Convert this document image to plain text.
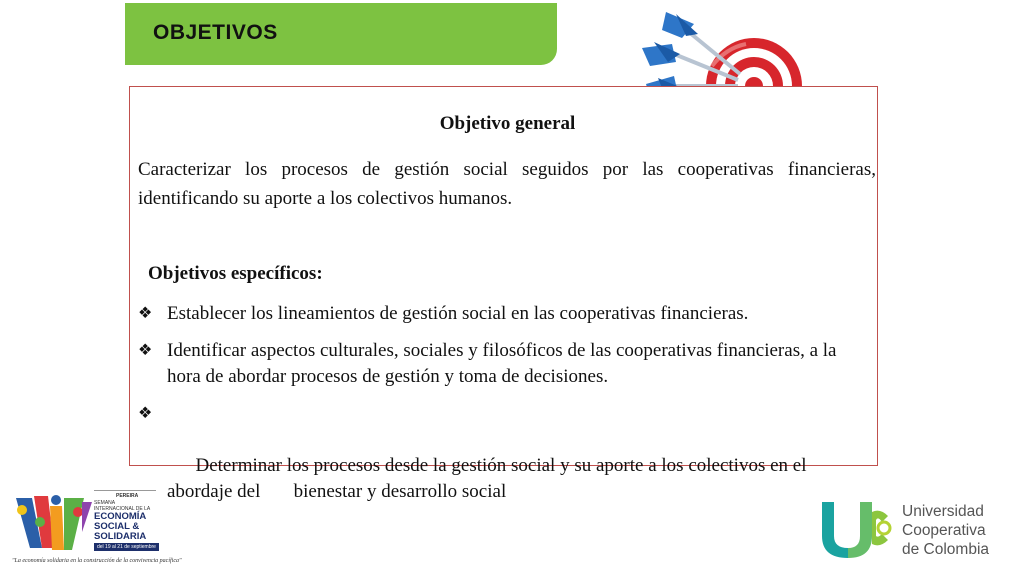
OBJETIVOS
Objetivo general
Caracterizar los procesos de gestión social seguidos por las cooperativas financieras, identificando su aporte a los colectivos humanos.
Objetivos específicos:
❖ Establecer los lineamientos de gestión social en las cooperativas financieras.
❖ Identificar aspectos culturales, sociales y filosóficos de las cooperativas financieras, a la hora de abordar procesos de gestión y toma de decisiones.

❖

Determinar los procesos desde la gestión social y su aporte a los colectivos en el abordaje del       bienestar y desarrollo social

PEREIRA
SEMANA
INTERNACIONAL DE LA
ECONOMÍA
SOCIAL &
SOLIDARIA
del 19 al 21 de septiembre
"La economía solidaria en la construcción de la convivencia pacífica"
Universidad
Cooperativa
de Colombia
